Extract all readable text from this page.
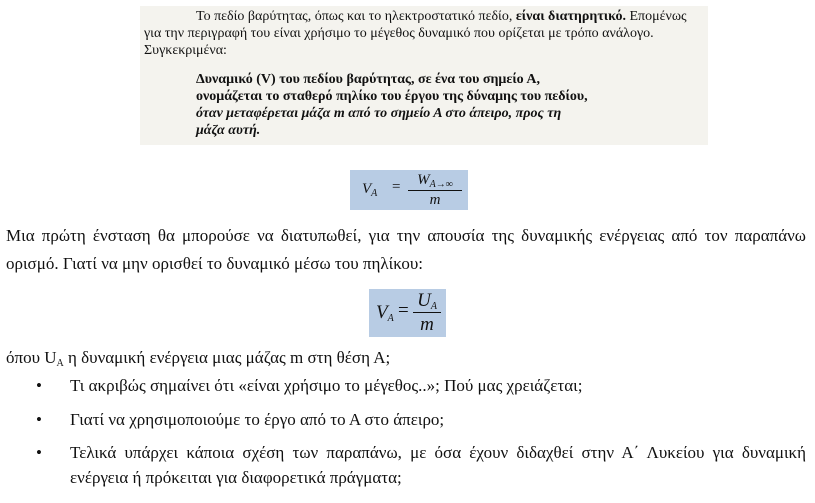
Το πεδίο βαρύτητας, όπως και το ηλεκτροστατικό πεδίο, είναι διατηρητικό. Επομένως για την περιγραφή του είναι χρήσιμο το μέγεθος δυναμικό που ορίζεται με τρόπο ανάλογο. Συγκεκριμένα:

Δυναμικό (V) του πεδίου βαρύτητας, σε ένα του σημείο Α,
ονομάζεται το σταθερό πηλίκο του έργου της δύναμης του πεδίου,
όταν μεταφέρεται μάζα m από το σημείο Α στο άπειρο, προς τη
μάζα αυτή.

$V_A$ =	$W_{A\to\infty}$
m

Μια πρώτη ένσταση θα μπορούσε να διατυπωθεί, για την απουσία της δυναμικής ενέργειας από τον παραπάνω ορισμό. Γιατί να μην ορισθεί το δυναμικό μέσω του πηλίκου:

$V_A = U_A$
m

όπου $U_A$ η δυναμική ενέργεια μιας μάζας m στη θέση Α;

• Τι ακριβώς σημαίνει ότι «είναι χρήσιμο το μέγεθος..»; Πού μας χρειάζεται;
• Γιατί να χρησιμοποιούμε το έργο από το Α στο άπειρο;
• Τελικά υπάρχει κάποια σχέση των παραπάνω, με όσα έχουν διδαχθεί στην Α΄ Λυκείου για δυναμική ενέργεια ή πρόκειται για διαφορετικά πράγματα;
